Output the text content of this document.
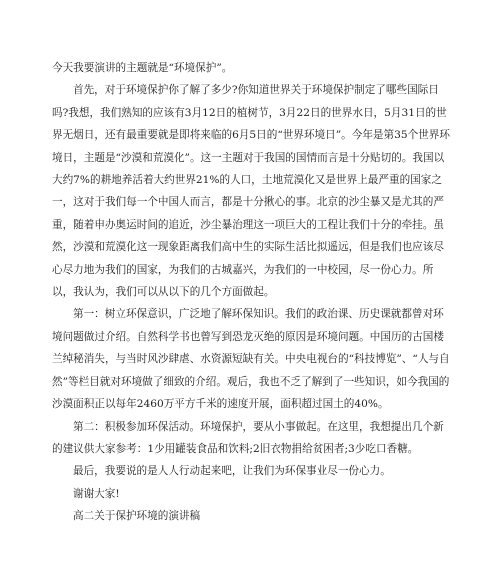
今天我要演讲的主题就是“环境保护”。

首先，对于环境保护你了解了多少?你知道世界关于环境保护制定了哪些国际日吗?我想，我们熟知的应该有3月12日的植树节，3月22日的世界水日，5月31日的世界无烟日，还有最重要就是即将来临的6月5日的“世界环境日”。今年是第35个世界环境日，主题是“沙漠和荒漠化”。这一主题对于我国的国情而言是十分贴切的。我国以大约7%的耕地养活着大约世界21%的人口，土地荒漠化又是世界上最严重的国家之一，这对于我们每一个中国人而言，都是十分揪心的事。北京的沙尘暴又是尤其的严重，随着申办奥运时间的追近，沙尘暴治理这一项巨大的工程让我们十分的牵挂。虽然，沙漠和荒漠化这一现象距离我们高中生的实际生活比拟遥远，但是我们也应该尽心尽力地为我们的国家，为我们的古城嘉兴，为我们的一中校园，尽一份心力。所以，我认为，我们可以从以下的几个方面做起。

第一：树立环保意识，广泛地了解环保知识。我们的政治课、历史课就都曾对环境问题做过介绍。自然科学书也曾写到恐龙灭绝的原因是环境问题。中国历的古国楼兰绰秘消失，与当时风沙肆虐、水资源短缺有关。中央电视台的“科技博览”、“人与自然”等栏目就对环境做了细致的介绍。观后，我也不乏了解到了一些知识，如今我国的沙漠面积正以每年2460万平方千米的速度开展，面积超过国土的40%。

第二：积极参加环保活动。环境保护，要从小事做起。在这里，我想提出几个新的建议供大家参考：1少用罐装食品和饮料;2旧衣物捐给贫困者;3少吃口香糖。

最后，我要说的是人人行动起来吧，让我们为环保事业尽一份心力。

谢谢大家!

高二关于保护环境的演讲稿
